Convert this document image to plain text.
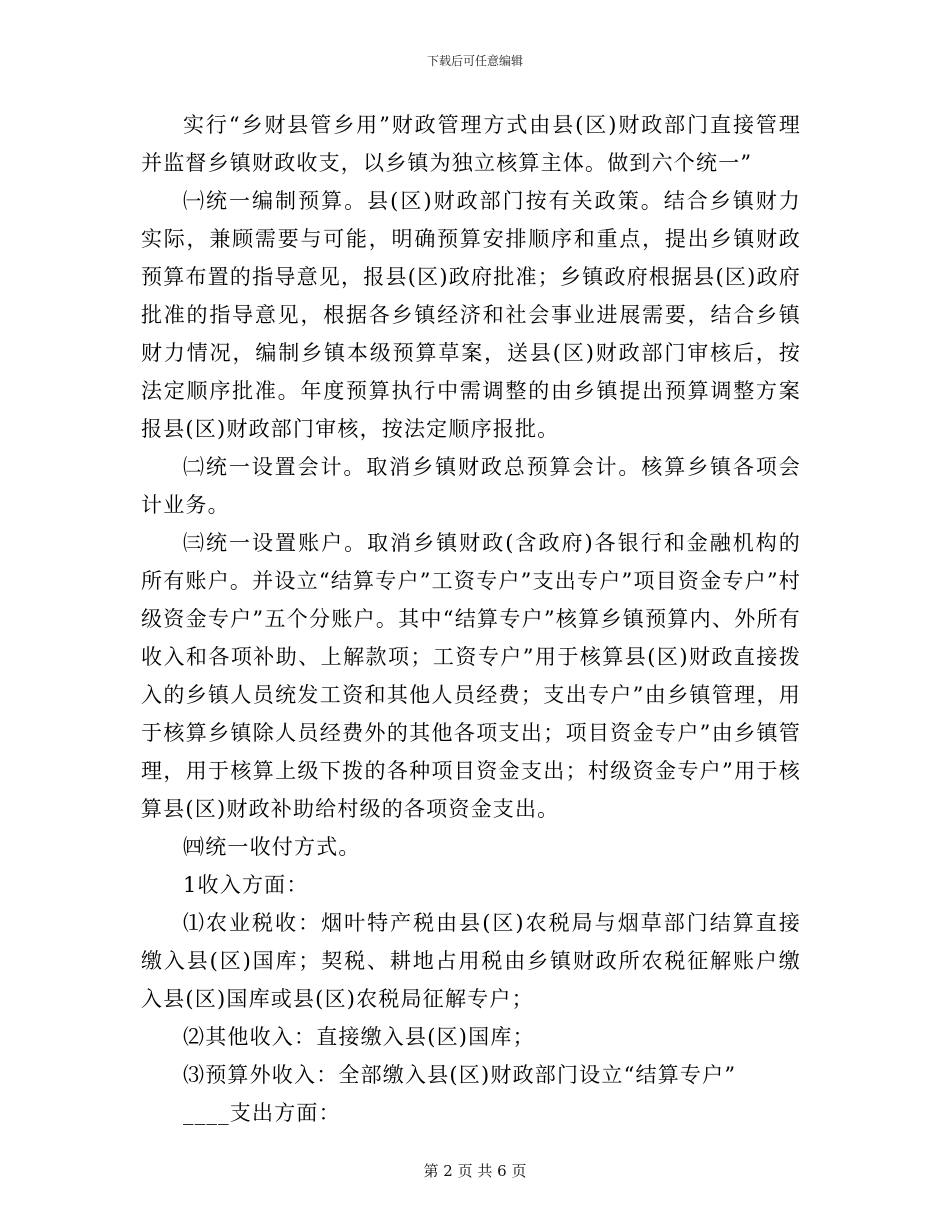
下载后可任意编辑

实行“乡财县管乡用”财政管理方式由县(区)财政部门直接管理并监督乡镇财政收支，以乡镇为独立核算主体。做到六个统一”

㈠统一编制预算。县(区)财政部门按有关政策。结合乡镇财力实际，兼顾需要与可能，明确预算安排顺序和重点，提出乡镇财政预算布置的指导意见，报县(区)政府批准；乡镇政府根据县(区)政府批准的指导意见，根据各乡镇经济和社会事业进展需要，结合乡镇财力情况，编制乡镇本级预算草案，送县(区)财政部门审核后，按法定顺序批准。年度预算执行中需调整的由乡镇提出预算调整方案报县(区)财政部门审核，按法定顺序报批。

㈡统一设置会计。取消乡镇财政总预算会计。核算乡镇各项会计业务。

㈢统一设置账户。取消乡镇财政(含政府)各银行和金融机构的所有账户。并设立“结算专户”工资专户”支出专户”项目资金专户”村级资金专户”五个分账户。其中“结算专户”核算乡镇预算内、外所有收入和各项补助、上解款项；工资专户”用于核算县(区)财政直接拨入的乡镇人员统发工资和其他人员经费；支出专户”由乡镇管理，用于核算乡镇除人员经费外的其他各项支出；项目资金专户”由乡镇管理，用于核算上级下拨的各种项目资金支出；村级资金专户”用于核算县(区)财政补助给村级的各项资金支出。

㈣统一收付方式。

1收入方面：

⑴农业税收：烟叶特产税由县(区)农税局与烟草部门结算直接缴入县(区)国库；契税、耕地占用税由乡镇财政所农税征解账户缴入县(区)国库或县(区)农税局征解专户；

⑵其他收入：直接缴入县(区)国库；

⑶预算外收入：全部缴入县(区)财政部门设立“结算专户”

____支出方面：

第 2 页 共 6 页
